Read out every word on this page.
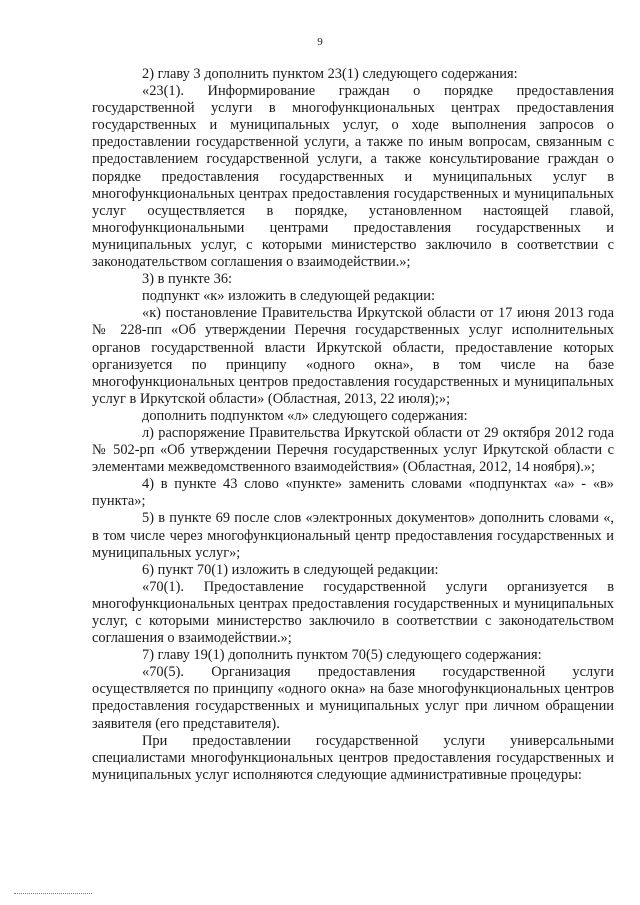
9

2) главу 3 дополнить пунктом 23(1) следующего содержания:

«23(1). Информирование граждан о порядке предоставления государственной услуги в многофункциональных центрах предоставления государственных и муниципальных услуг, о ходе выполнения запросов о предоставлении государственной услуги, а также по иным вопросам, связанным с предоставлением государственной услуги, а также консультирование граждан о порядке предоставления государственных и муниципальных услуг в многофункциональных центрах предоставления государственных и муниципальных услуг осуществляется в порядке, установленном настоящей главой, многофункциональными центрами предоставления государственных и муниципальных услуг, с которыми министерство заключило в соответствии с законодательством соглашения о взаимодействии.»;

3) в пункте 36:

подпункт «к» изложить в следующей редакции:

«к) постановление Правительства Иркутской области от 17 июня 2013 года № 228-пп «Об утверждении Перечня государственных услуг исполнительных органов государственной власти Иркутской области, предоставление которых организуется по принципу «одного окна», в том числе на базе многофункциональных центров предоставления государственных и муниципальных услуг в Иркутской области» (Областная, 2013, 22 июля);»;

дополнить подпунктом «л» следующего содержания:

л) распоряжение Правительства Иркутской области от 29 октября 2012 года № 502-рп «Об утверждении Перечня государственных услуг Иркутской области с элементами межведомственного взаимодействия» (Областная, 2012, 14 ноября).»;

4) в пункте 43 слово «пункте» заменить словами «подпунктах «а» - «в» пункта»;

5) в пункте 69 после слов «электронных документов» дополнить словами «, в том числе через многофункциональный центр предоставления государственных и муниципальных услуг»;

6) пункт 70(1) изложить в следующей редакции:

«70(1). Предоставление государственной услуги организуется в многофункциональных центрах предоставления государственных и муниципальных услуг, с которыми министерство заключило в соответствии с законодательством соглашения о взаимодействии.»;

7) главу 19(1) дополнить пунктом 70(5) следующего содержания:

«70(5). Организация предоставления государственной услуги осуществляется по принципу «одного окна» на базе многофункциональных центров предоставления государственных и муниципальных услуг при личном обращении заявителя (его представителя).

При предоставлении государственной услуги универсальными специалистами многофункциональных центров предоставления государственных и муниципальных услуг исполняются следующие административные процедуры:
